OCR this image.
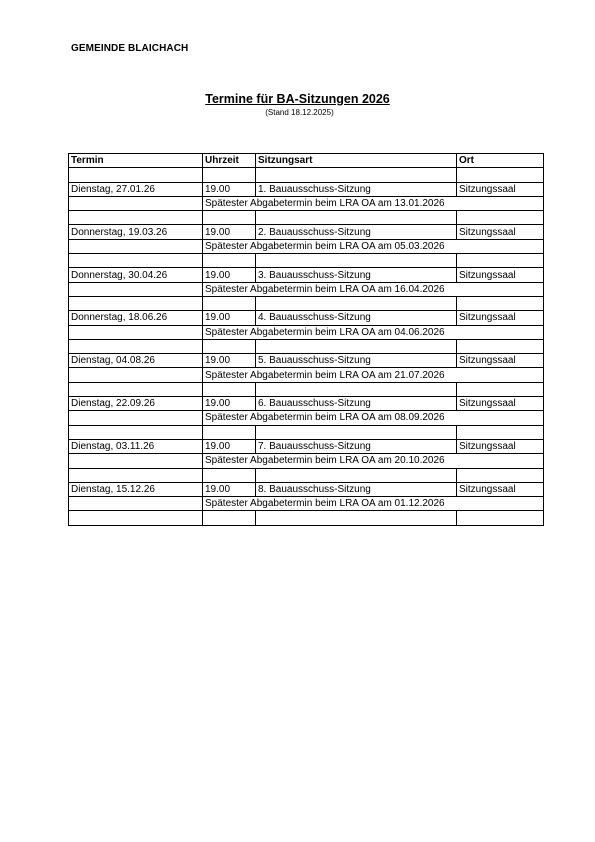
GEMEINDE BLAICHACH
Termine für BA-Sitzungen 2026
(Stand 18.12.2025)
Termin	Uhrzeit	Sitzungsart	Ort

Dienstag, 27.01.26	19.00	1. Bauausschuss-Sitzung	Sitzungssaal
	Spätester Abgabetermin beim LRA OA am 13.01.2026		

Donnerstag, 19.03.26	19.00	2. Bauausschuss-Sitzung	Sitzungssaal
	Spätester Abgabetermin beim LRA OA am 05.03.2026		

Donnerstag, 30.04.26	19.00	3. Bauausschuss-Sitzung	Sitzungssaal
	Spätester Abgabetermin beim LRA OA am 16.04.2026		

Donnerstag, 18.06.26	19.00	4. Bauausschuss-Sitzung	Sitzungssaal
	Spätester Abgabetermin beim LRA OA am 04.06.2026		

Dienstag, 04.08.26	19.00	5. Bauausschuss-Sitzung	Sitzungssaal
	Spätester Abgabetermin beim LRA OA am 21.07.2026		

Dienstag, 22.09.26	19.00	6. Bauausschuss-Sitzung	Sitzungssaal
	Spätester Abgabetermin beim LRA OA am 08.09.2026		

Dienstag, 03.11.26	19.00	7. Bauausschuss-Sitzung	Sitzungssaal
	Spätester Abgabetermin beim LRA OA am 20.10.2026		

Dienstag, 15.12.26	19.00	8. Bauausschuss-Sitzung	Sitzungssaal
	Spätester Abgabetermin beim LRA OA am 01.12.2026		
